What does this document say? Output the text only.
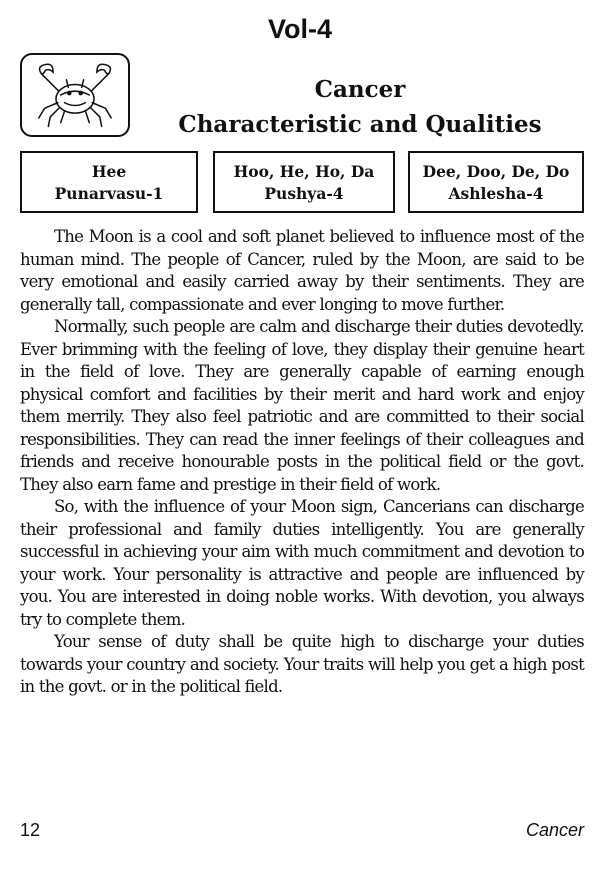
Vol-4
Cancer
Characteristic and Qualities
Hee
Punarvasu-1
Hoo, He, Ho, Da
Pushya-4
Dee, Doo, De, Do
Ashlesha-4

The Moon is a cool and soft planet believed to influence most of the human mind. The people of Cancer, ruled by the Moon, are said to be very emotional and easily carried away by their sentiments. They are generally tall, compassionate and ever longing to move further.

Normally, such people are calm and discharge their duties devotedly. Ever brimming with the feeling of love, they display their genuine heart in the field of love. They are generally capable of earning enough physical comfort and facilities by their merit and hard work and enjoy them merrily. They also feel patriotic and are committed to their social responsibilities. They can read the inner feelings of their colleagues and friends and receive honourable posts in the political field or the govt. They also earn fame and prestige in their field of work.

So, with the influence of your Moon sign, Cancerians can discharge their professional and family duties intelligently. You are generally successful in achieving your aim with much commitment and devotion to your work. Your personality is attractive and people are influenced by you. You are interested in doing noble works. With devotion, you always try to complete them.

Your sense of duty shall be quite high to discharge your duties towards your country and society. Your traits will help you get a high post in the govt. or in the political field.

12	Cancer
